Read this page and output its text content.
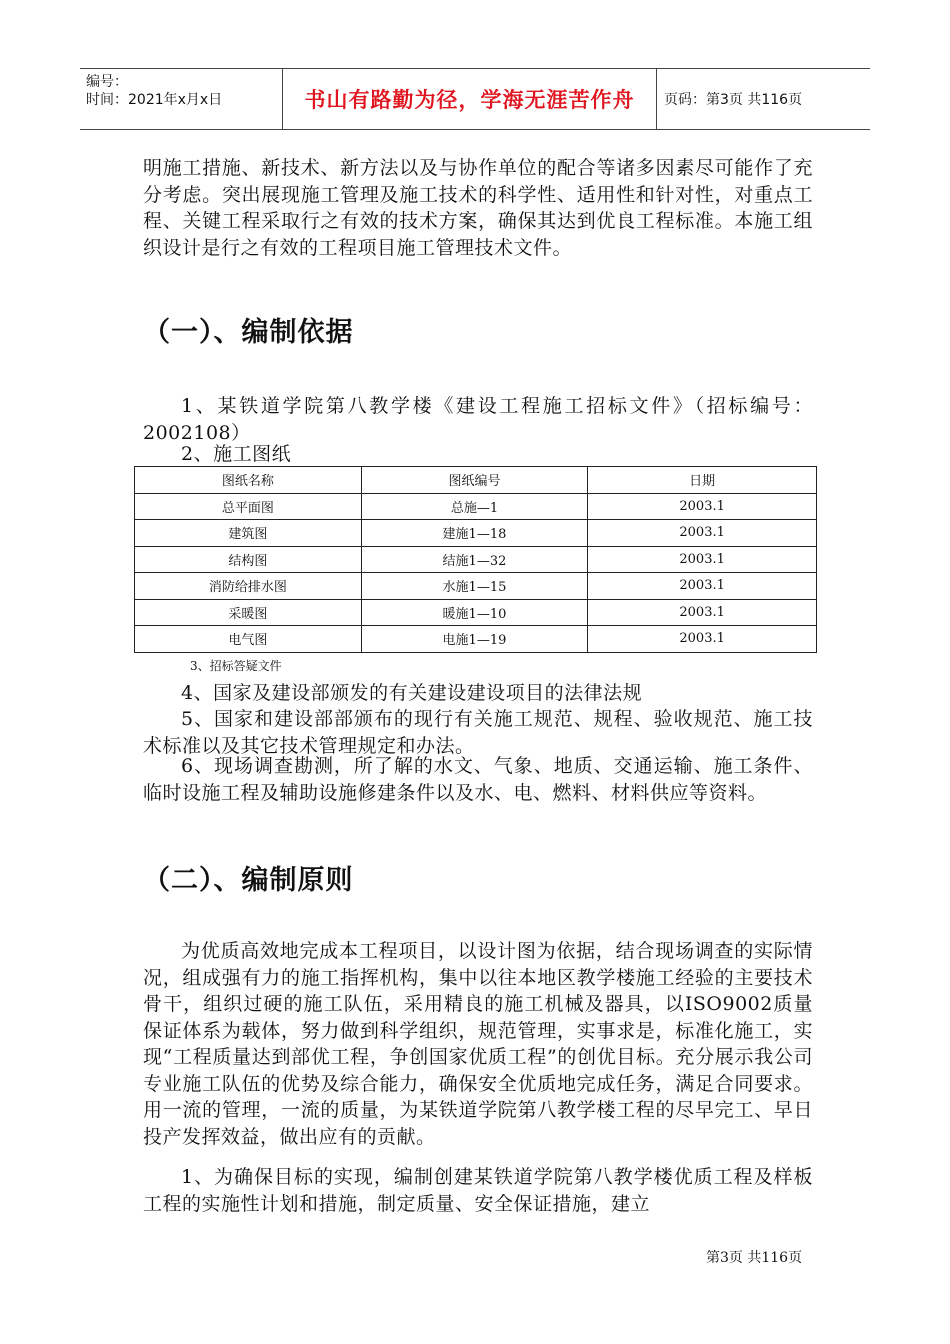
编号：
时间：2021年x月x日	书山有路勤为径，学海无涯苦作舟	页码：第3页 共116页

明施工措施、新技术、新方法以及与协作单位的配合等诸多因素尽可能作了充分考虑。突出展现施工管理及施工技术的科学性、适用性和针对性，对重点工程、关键工程采取行之有效的技术方案，确保其达到优良工程标准。本施工组织设计是行之有效的工程项目施工管理技术文件。

（一）、编制依据

1、某铁道学院第八教学楼《建设工程施工招标文件》（招标编号：2002108）

2、施工图纸

图纸名称	图纸编号	日期
总平面图	总施—1	2003.1
建筑图	建施1—18	2003.1
结构图	结施1—32	2003.1
消防给排水图	水施1—15	2003.1
采暖图	暖施1—10	2003.1
电气图	电施1—19	2003.1

3、招标答疑文件

4、国家及建设部颁发的有关建设建设项目的法律法规

5、国家和建设部部颁布的现行有关施工规范、规程、验收规范、施工技术标准以及其它技术管理规定和办法。

6、现场调查勘测，所了解的水文、气象、地质、交通运输、施工条件、临时设施工程及辅助设施修建条件以及水、电、燃料、材料供应等资料。

（二）、编制原则

为优质高效地完成本工程项目，以设计图为依据，结合现场调查的实际情况，组成强有力的施工指挥机构，集中以往本地区教学楼施工经验的主要技术骨干，组织过硬的施工队伍，采用精良的施工机械及器具，以ISO9002质量保证体系为载体，努力做到科学组织，规范管理，实事求是，标准化施工，实现“工程质量达到部优工程，争创国家优质工程”的创优目标。充分展示我公司专业施工队伍的优势及综合能力，确保安全优质地完成任务，满足合同要求。用一流的管理，一流的质量，为某铁道学院第八教学楼工程的尽早完工、早日投产发挥效益，做出应有的贡献。

1、为确保目标的实现，编制创建某铁道学院第八教学楼优质工程及样板工程的实施性计划和措施，制定质量、安全保证措施，建立

第3页 共116页
